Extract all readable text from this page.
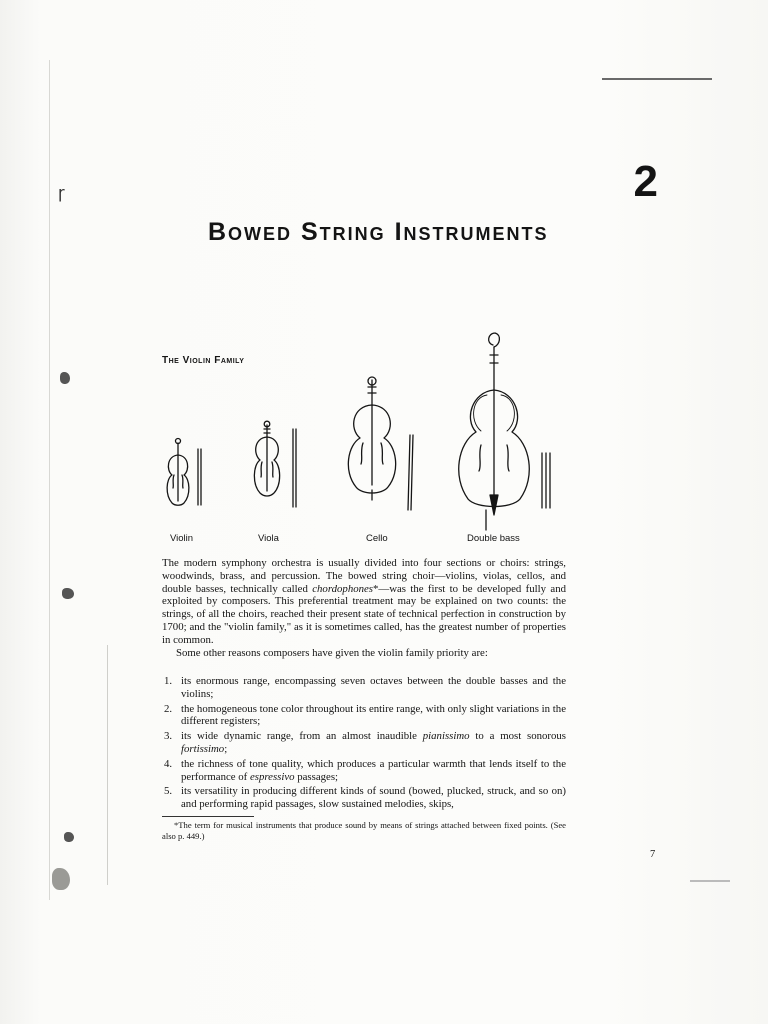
ɼ	2
Bowed String Instruments
The Violin Family
Violin	Viola	Cello	Double bass

The modern symphony orchestra is usually divided into four sections or choirs: strings, woodwinds, brass, and percussion. The bowed string choir—violins, violas, cellos, and double basses, technically called chordophones*—was the first to be developed fully and exploited by composers. This preferential treatment may be explained on two counts: the strings, of all the choirs, reached their present state of technical perfection in construction by 1700; and the "violin family," as it is sometimes called, has the greatest number of properties in common.

Some other reasons composers have given the violin family priority are:

1. its enormous range, encompassing seven octaves between the double basses and the violins;
2. the homogeneous tone color throughout its entire range, with only slight variations in the different registers;
3. its wide dynamic range, from an almost inaudible pianissimo to a most sonorous fortissimo;
4. the richness of tone quality, which produces a particular warmth that lends itself to the performance of espressivo passages;
5. its versatility in producing different kinds of sound (bowed, plucked, struck, and so on) and performing rapid passages, slow sustained melodies, skips,
*The term for musical instruments that produce sound by means of strings attached between fixed points. (See also p. 449.)
7
